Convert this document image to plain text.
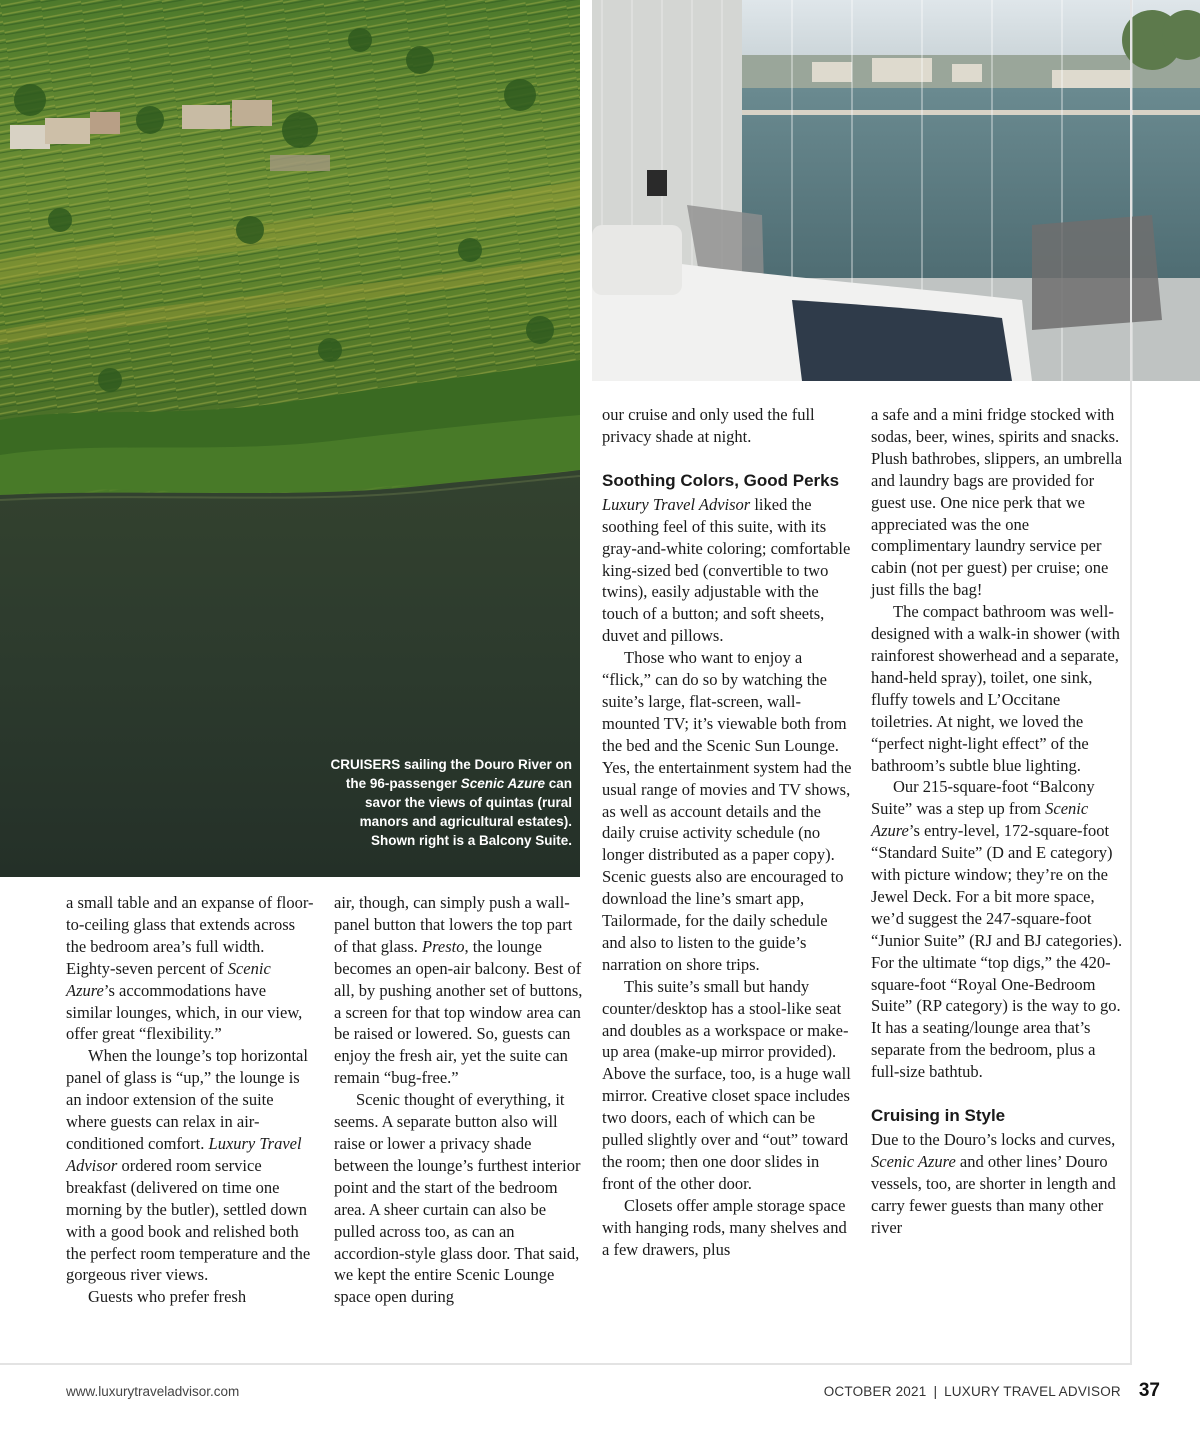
CRUISERS sailing the Douro River on the 96-passenger Scenic Azure can savor the views of quintas (rural manors and agricultural estates). Shown right is a Balcony Suite.

a small table and an expanse of floor-to-ceiling glass that extends across the bedroom area’s full width. Eighty-seven percent of Scenic Azure’s accommodations have similar lounges, which, in our view, offer great “flexibility.”

When the lounge’s top horizontal panel of glass is “up,” the lounge is an indoor extension of the suite where guests can relax in air-conditioned comfort. Luxury Travel Advisor ordered room service breakfast (delivered on time one morning by the butler), settled down with a good book and relished both the perfect room temperature and the gorgeous river views.

Guests who prefer fresh

air, though, can simply push a wall-panel button that lowers the top part of that glass. Presto, the lounge becomes an open-air balcony. Best of all, by pushing another set of buttons, a screen for that top window area can be raised or lowered. So, guests can enjoy the fresh air, yet the suite can remain “bug-free.”

Scenic thought of everything, it seems. A separate button also will raise or lower a privacy shade between the lounge’s furthest interior point and the start of the bedroom area. A sheer curtain can also be pulled across too, as can an accordion-style glass door. That said, we kept the entire Scenic Lounge space open during

our cruise and only used the full privacy shade at night.

Soothing Colors, Good Perks

Luxury Travel Advisor liked the soothing feel of this suite, with its gray-and-white coloring; comfortable king-sized bed (convertible to two twins), easily adjustable with the touch of a button; and soft sheets, duvet and pillows.

Those who want to enjoy a “flick,” can do so by watching the suite’s large, flat-screen, wall-mounted TV; it’s viewable both from the bed and the Scenic Sun Lounge. Yes, the entertainment system had the usual range of movies and TV shows, as well as account details and the daily cruise activity schedule (no longer distributed as a paper copy). Scenic guests also are encouraged to download the line’s smart app, Tailormade, for the daily schedule and also to listen to the guide’s narration on shore trips.

This suite’s small but handy counter/desktop has a stool-like seat and doubles as a workspace or make-up area (make-up mirror provided). Above the surface, too, is a huge wall mirror. Creative closet space includes two doors, each of which can be pulled slightly over and “out” toward the room; then one door slides in front of the other door.

Closets offer ample storage space with hanging rods, many shelves and a few drawers, plus

a safe and a mini fridge stocked with sodas, beer, wines, spirits and snacks. Plush bathrobes, slippers, an umbrella and laundry bags are provided for guest use. One nice perk that we appreciated was the one complimentary laundry service per cabin (not per guest) per cruise; one just fills the bag!

The compact bathroom was well-designed with a walk-in shower (with rainforest showerhead and a separate, hand-held spray), toilet, one sink, fluffy towels and L’Occitane toiletries. At night, we loved the “perfect night-light effect” of the bathroom’s subtle blue lighting.

Our 215-square-foot “Balcony Suite” was a step up from Scenic Azure’s entry-level, 172-square-foot “Standard Suite” (D and E category) with picture window; they’re on the Jewel Deck. For a bit more space, we’d suggest the 247-square-foot “Junior Suite” (RJ and BJ categories). For the ultimate “top digs,” the 420-square-foot “Royal One-Bedroom Suite” (RP category) is the way to go. It has a seating/lounge area that’s separate from the bedroom, plus a full-size bathtub.

Cruising in Style

Due to the Douro’s locks and curves, Scenic Azure and other lines’ Douro vessels, too, are shorter in length and carry fewer guests than many other river

www.luxurytraveladvisor.com	OCTOBER 2021 | LUXURY TRAVEL ADVISOR 37
